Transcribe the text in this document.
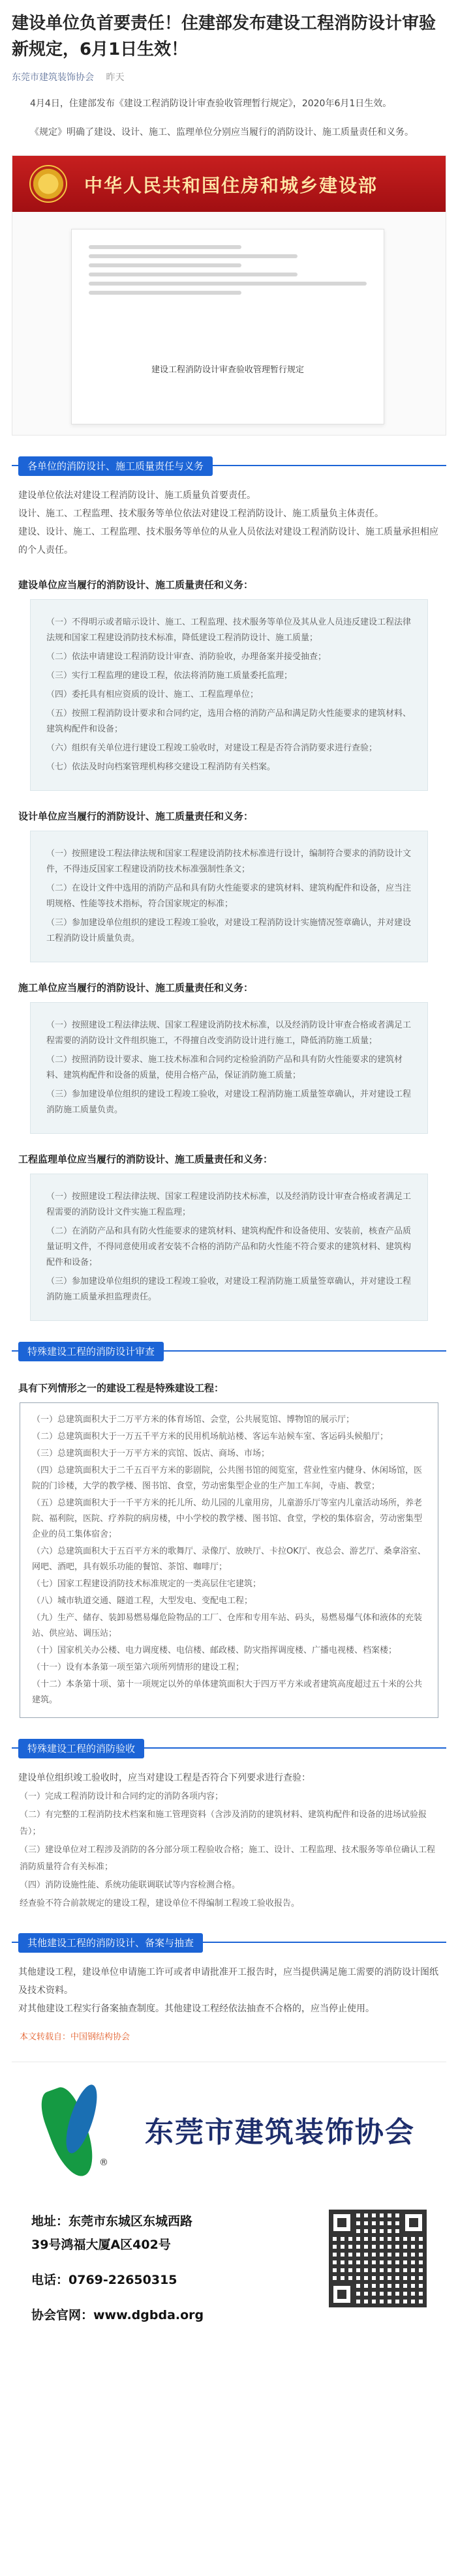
建设单位负首要责任！住建部发布建设工程消防设计审验新规定，6月1日生效！
东莞市建筑装饰协会 昨天

4月4日，住建部发布《建设工程消防设计审查验收管理暂行规定》，2020年6月1日生效。

《规定》明确了建设、设计、施工、监理单位分别应当履行的消防设计、施工质量责任和义务。

中华人民共和国住房和城乡建设部
建设工程消防设计审查验收管理暂行规定
各单位的消防设计、施工质量责任与义务

建设单位依法对建设工程消防设计、施工质量负首要责任。

设计、施工、工程监理、技术服务等单位依法对建设工程消防设计、施工质量负主体责任。

建设、设计、施工、工程监理、技术服务等单位的从业人员依法对建设工程消防设计、施工质量承担相应的个人责任。

建设单位应当履行的消防设计、施工质量责任和义务：

（一）不得明示或者暗示设计、施工、工程监理、技术服务等单位及其从业人员违反建设工程法律法规和国家工程建设消防技术标准，降低建设工程消防设计、施工质量；

（二）依法申请建设工程消防设计审查、消防验收，办理备案并接受抽查；

（三）实行工程监理的建设工程，依法将消防施工质量委托监理；

（四）委托具有相应资质的设计、施工、工程监理单位；

（五）按照工程消防设计要求和合同约定，选用合格的消防产品和满足防火性能要求的建筑材料、建筑构配件和设备；

（六）组织有关单位进行建设工程竣工验收时，对建设工程是否符合消防要求进行查验；

（七）依法及时向档案管理机构移交建设工程消防有关档案。

设计单位应当履行的消防设计、施工质量责任和义务：

（一）按照建设工程法律法规和国家工程建设消防技术标准进行设计，编制符合要求的消防设计文件，不得违反国家工程建设消防技术标准强制性条文；

（二）在设计文件中选用的消防产品和具有防火性能要求的建筑材料、建筑构配件和设备，应当注明规格、性能等技术指标，符合国家规定的标准；

（三）参加建设单位组织的建设工程竣工验收，对建设工程消防设计实施情况签章确认，并对建设工程消防设计质量负责。

施工单位应当履行的消防设计、施工质量责任和义务：

（一）按照建设工程法律法规、国家工程建设消防技术标准，以及经消防设计审查合格或者满足工程需要的消防设计文件组织施工，不得擅自改变消防设计进行施工，降低消防施工质量；

（二）按照消防设计要求、施工技术标准和合同约定检验消防产品和具有防火性能要求的建筑材料、建筑构配件和设备的质量，使用合格产品，保证消防施工质量；

（三）参加建设单位组织的建设工程竣工验收，对建设工程消防施工质量签章确认，并对建设工程消防施工质量负责。

工程监理单位应当履行的消防设计、施工质量责任和义务：

（一）按照建设工程法律法规、国家工程建设消防技术标准，以及经消防设计审查合格或者满足工程需要的消防设计文件实施工程监理；

（二）在消防产品和具有防火性能要求的建筑材料、建筑构配件和设备使用、安装前，核查产品质量证明文件，不得同意使用或者安装不合格的消防产品和防火性能不符合要求的建筑材料、建筑构配件和设备；

（三）参加建设单位组织的建设工程竣工验收，对建设工程消防施工质量签章确认，并对建设工程消防施工质量承担监理责任。

特殊建设工程的消防设计审查
具有下列情形之一的建设工程是特殊建设工程：

（一）总建筑面积大于二万平方米的体育场馆、会堂，公共展览馆、博物馆的展示厅；

（二）总建筑面积大于一万五千平方米的民用机场航站楼、客运车站候车室、客运码头候船厅；

（三）总建筑面积大于一万平方米的宾馆、饭店、商场、市场；

（四）总建筑面积大于二千五百平方米的影剧院，公共图书馆的阅览室，营业性室内健身、休闲场馆，医院的门诊楼，大学的教学楼、图书馆、食堂，劳动密集型企业的生产加工车间，寺庙、教堂；

（五）总建筑面积大于一千平方米的托儿所、幼儿园的儿童用房，儿童游乐厅等室内儿童活动场所，养老院、福利院，医院、疗养院的病房楼，中小学校的教学楼、图书馆、食堂，学校的集体宿舍，劳动密集型企业的员工集体宿舍；

（六）总建筑面积大于五百平方米的歌舞厅、录像厅、放映厅、卡拉OK厅、夜总会、游艺厅、桑拿浴室、网吧、酒吧，具有娱乐功能的餐馆、茶馆、咖啡厅；

（七）国家工程建设消防技术标准规定的一类高层住宅建筑；

（八）城市轨道交通、隧道工程，大型发电、变配电工程；

（九）生产、储存、装卸易燃易爆危险物品的工厂、仓库和专用车站、码头，易燃易爆气体和液体的充装站、供应站、调压站；

（十）国家机关办公楼、电力调度楼、电信楼、邮政楼、防灾指挥调度楼、广播电视楼、档案楼；

（十一）设有本条第一项至第六项所列情形的建设工程；

（十二）本条第十项、第十一项规定以外的单体建筑面积大于四万平方米或者建筑高度超过五十米的公共建筑。

特殊建设工程的消防验收

建设单位组织竣工验收时，应当对建设工程是否符合下列要求进行查验：

（一）完成工程消防设计和合同约定的消防各项内容；

（二）有完整的工程消防技术档案和施工管理资料（含涉及消防的建筑材料、建筑构配件和设备的进场试验报告）；

（三）建设单位对工程涉及消防的各分部分项工程验收合格；施工、设计、工程监理、技术服务等单位确认工程消防质量符合有关标准；

（四）消防设施性能、系统功能联调联试等内容检测合格。

经查验不符合前款规定的建设工程，建设单位不得编制工程竣工验收报告。

其他建设工程的消防设计、备案与抽查

其他建设工程，建设单位申请施工许可或者申请批准开工报告时，应当提供满足施工需要的消防设计图纸及技术资料。

对其他建设工程实行备案抽查制度。其他建设工程经依法抽查不合格的，应当停止使用。

本文转载自：中国钢结构协会

®
东莞市建筑装饰协会
地址：东莞市东城区东城西路
39号鸿福大厦A区402号
电话：0769-22650315
协会官网：www.dgbda.org
